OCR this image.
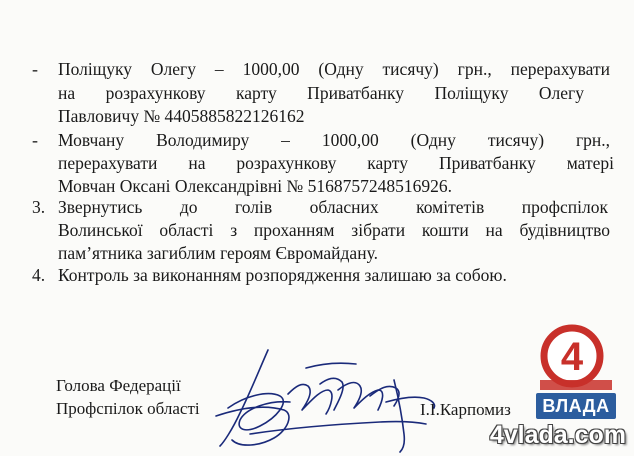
- Поліщуку Олегу – 1000,00 (Одну тисячу) грн., перерахувати
на розрахункову карту Приватбанку Поліщуку Олегу
Павловичу № 4405885822126162
- Мовчану Володимиру – 1000,00 (Одну тисячу) грн.,
перерахувати на розрахункову карту Приватбанку матері
Мовчан Оксані Олександрівні № 5168757248516926.
3. Звернутись до голів обласних комітетів профспілок
Волинської області з проханням зібрати кошти на будівництво
пам’ятника загиблим героям Євромайдану.
4. Контроль за виконанням розпорядження залишаю за собою.
Голова Федерації
Профспілок області	І.І.Карпомиз
4
ВЛАДА
4vlada.com
